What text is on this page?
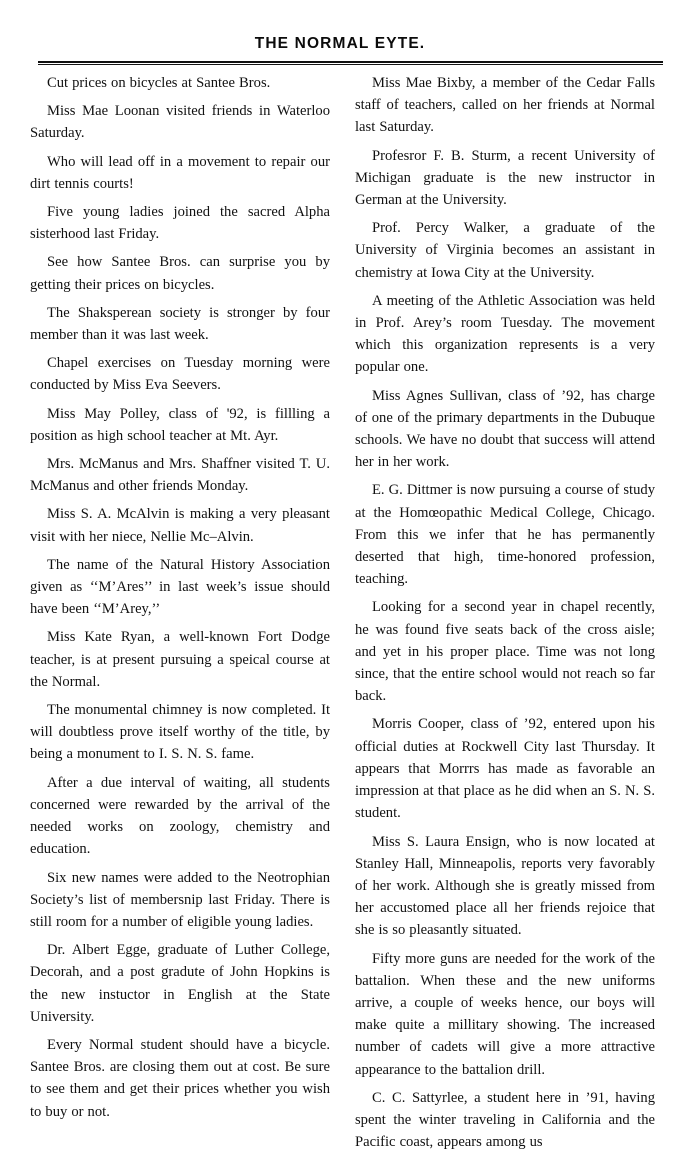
THE NORMAL EYTE.

Cut prices on bicycles at Santee Bros.

Miss Mae Loonan visited friends in Waterloo Saturday.

Who will lead off in a movement to repair our dirt tennis courts!

Five young ladies joined the sacred Alpha sisterhood last Friday.

See how Santee Bros. can surprise you by getting their prices on bicycles.

The Shaksperean society is stronger by four member than it was last week.

Chapel exercises on Tuesday morning were conducted by Miss Eva Seevers.

Miss May Polley, class of '92, is fillling a position as high school teacher at Mt. Ayr.

Mrs. McManus and Mrs. Shaffner visited T. U. McManus and other friends Monday.

Miss S. A. McAlvin is making a very pleasant visit with her niece, Nellie Mc–Alvin.

The name of the Natural History Association given as ‘‘M’Ares’’ in last week’s issue should have been ‘‘M’Arey,’’

Miss Kate Ryan, a well-known Fort Dodge teacher, is at present pursuing a speical course at the Normal.

The monumental chimney is now completed. It will doubtless prove itself worthy of the title, by being a monument to I. S. N. S. fame.

After a due interval of waiting, all students concerned were rewarded by the arrival of the needed works on zoology, chemistry and education.

Six new names were added to the Neotrophian Society’s list of membersnip last Friday. There is still room for a number of eligible young ladies.

Dr. Albert Egge, graduate of Luther College, Decorah, and a post gradute of John Hopkins is the new instuctor in English at the State University.

Every Normal student should have a bicycle. Santee Bros. are closing them out at cost. Be sure to see them and get their prices whether you wish to buy or not.

Miss Mae Bixby, a member of the Cedar Falls staff of teachers, called on her friends at Normal last Saturday.

Profesror F. B. Sturm, a recent University of Michigan graduate is the new instructor in German at the University.

Prof. Percy Walker, a graduate of the University of Virginia becomes an assistant in chemistry at Iowa City at the University.

A meeting of the Athletic Association was held in Prof. Arey’s room Tuesday. The movement which this organization represents is a very popular one.

Miss Agnes Sullivan, class of ’92, has charge of one of the primary departments in the Dubuque schools. We have no doubt that success will attend her in her work.

E. G. Dittmer is now pursuing a course of study at the Homœopathic Medical College, Chicago. From this we infer that he has permanently deserted that high, time-honored profession, teaching.

Looking for a second year in chapel recently, he was found five seats back of the cross aisle; and yet in his proper place. Time was not long since, that the entire school would not reach so far back.

Morris Cooper, class of ’92, entered upon his official duties at Rockwell City last Thursday. It appears that Morrrs has made as favorable an impression at that place as he did when an S. N. S. student.

Miss S. Laura Ensign, who is now located at Stanley Hall, Minneapolis, reports very favorably of her work. Although she is greatly missed from her accustomed place all her friends rejoice that she is so pleasantly situated.

Fifty more guns are needed for the work of the battalion. When these and the new uniforms arrive, a couple of weeks hence, our boys will make quite a millitary showing. The increased number of cadets will give a more attractive appearance to the battalion drill.

C. C. Sattyrlee, a student here in ’91, having spent the winter traveling in California and the Pacific coast, appears among us
